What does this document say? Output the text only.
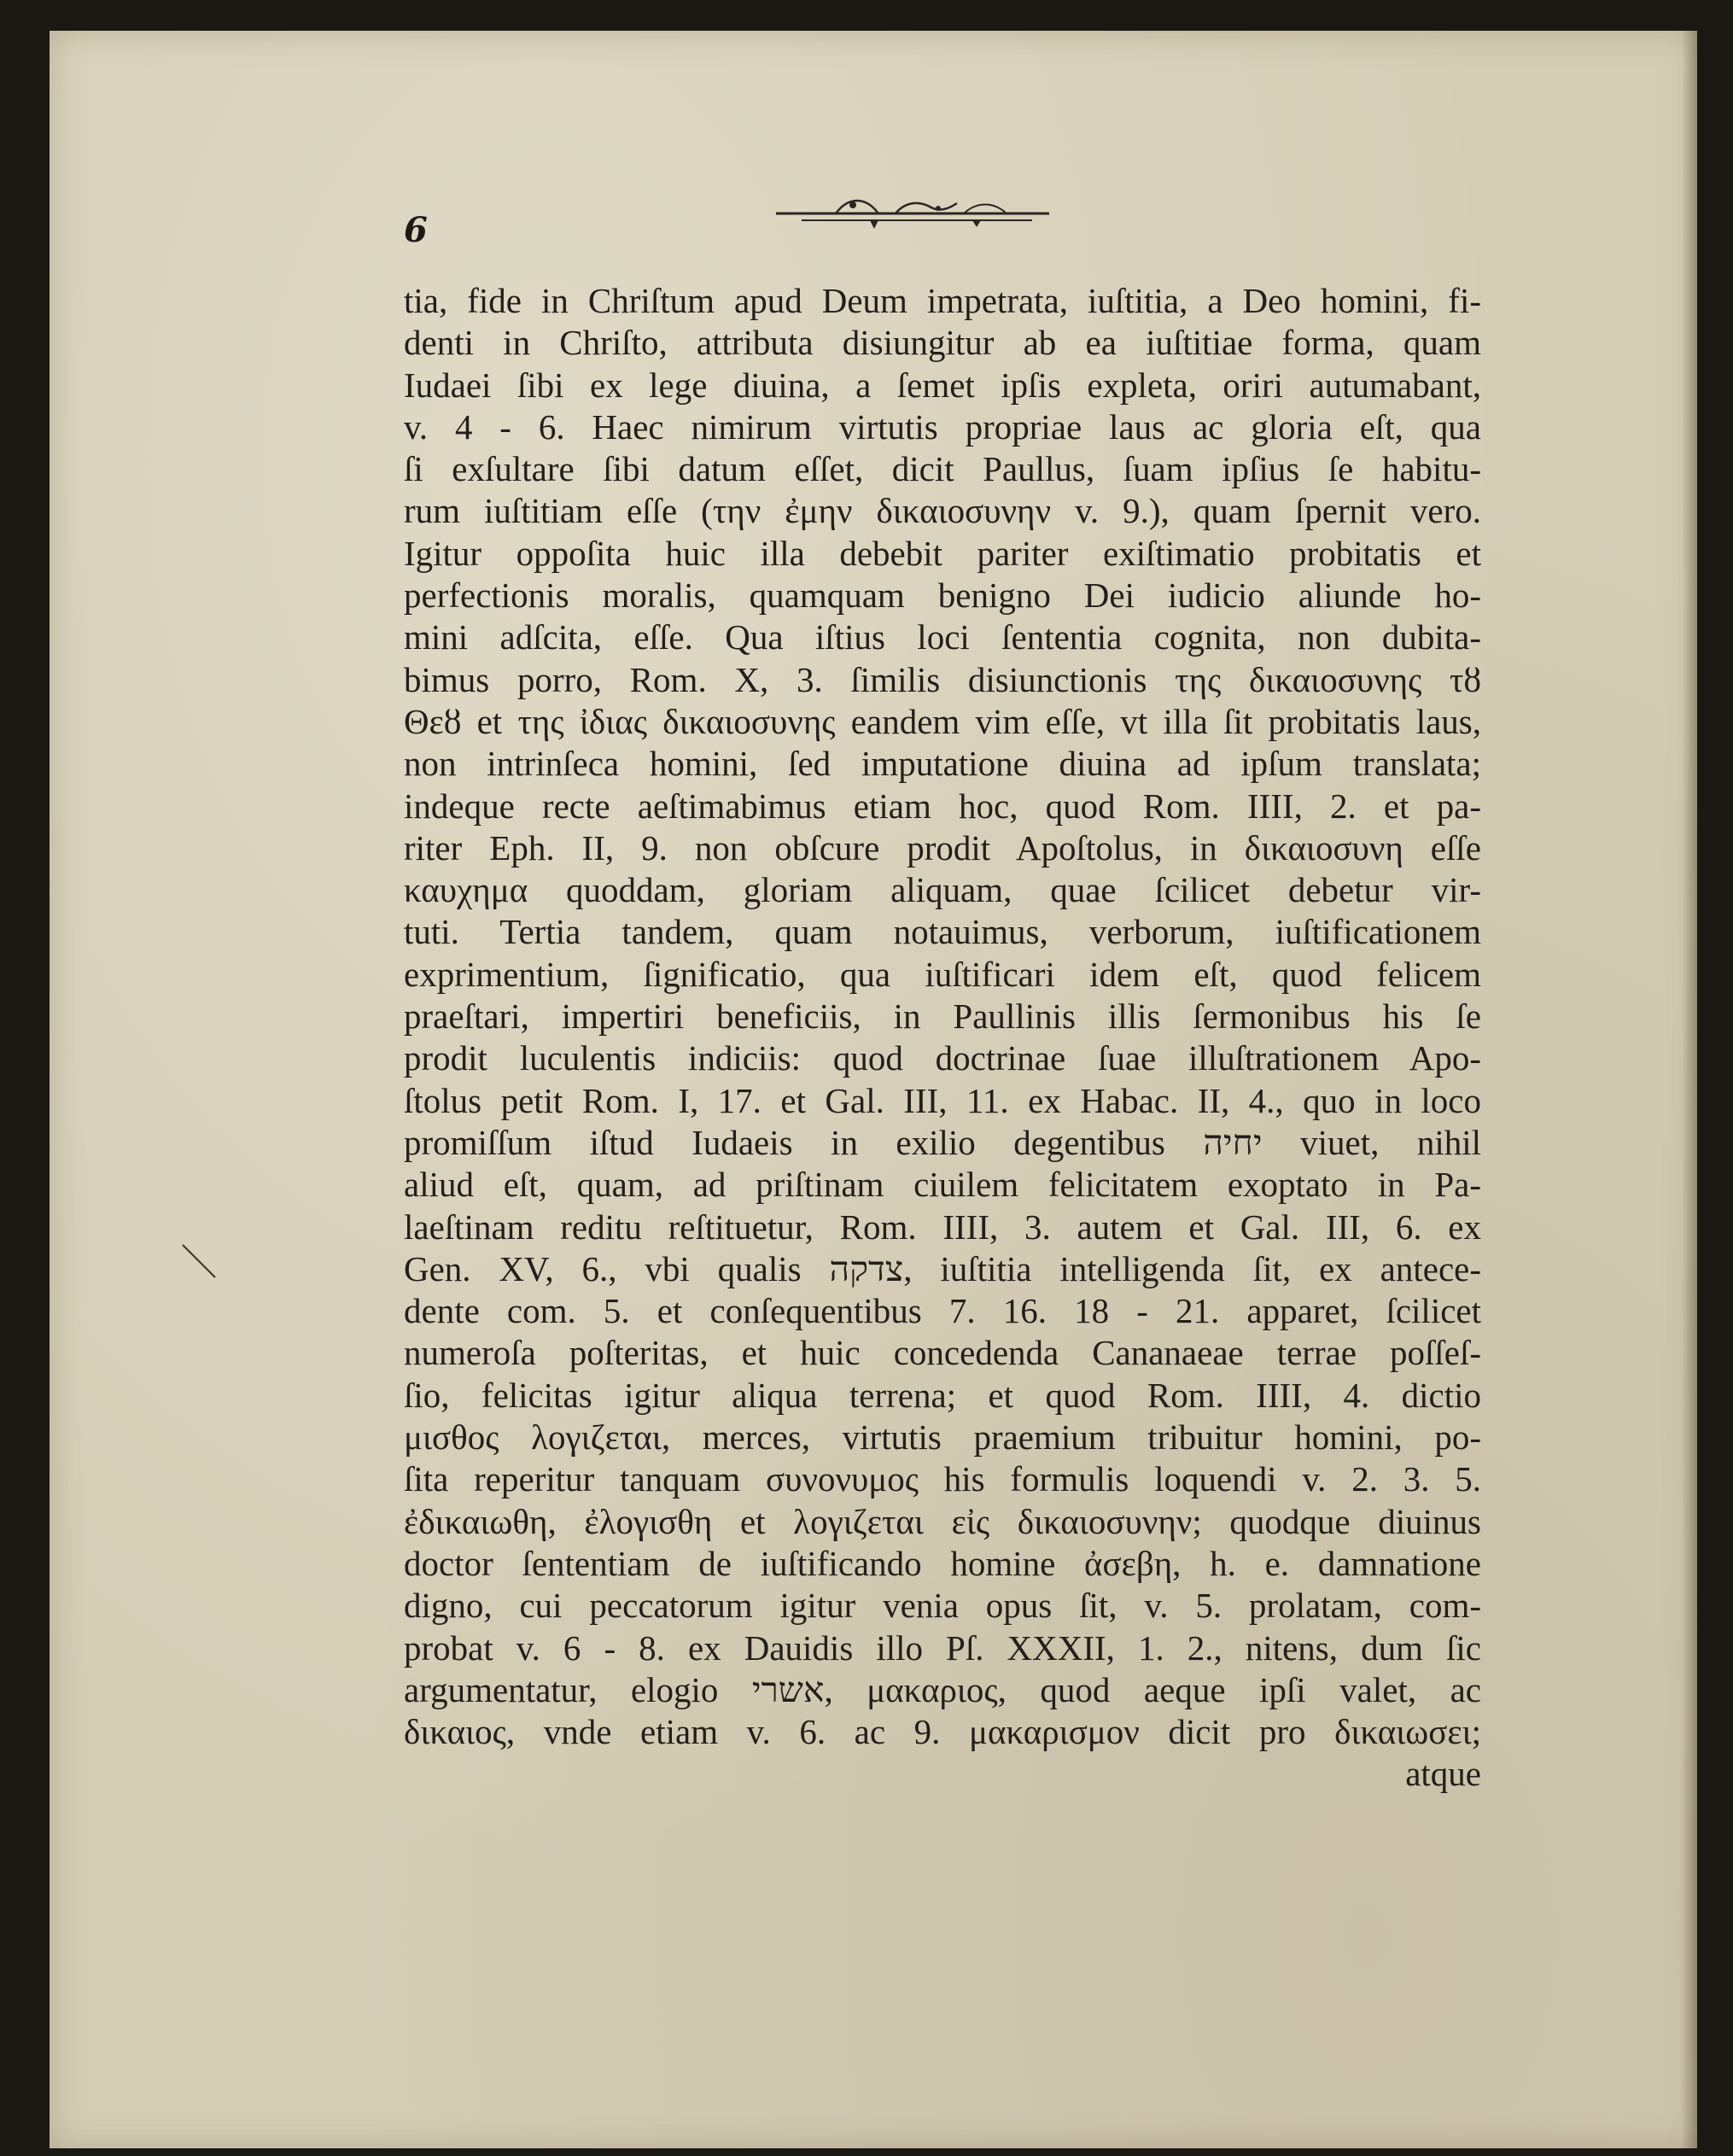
6

tia, fide in Chriſtum apud Deum impetrata, iuſtitia, a Deo homini, fi-
denti in Chriſto, attributa disiungitur ab ea iuſtitiae forma, quam
Iudaei ſibi ex lege diuina, a ſemet ipſis expleta, oriri autumabant,
v. 4 - 6. Haec nimirum virtutis propriae laus ac gloria eſt, qua
ſi exſultare ſibi datum eſſet, dicit Paullus, ſuam ipſius ſe habitu-
rum iuſtitiam eſſe (την ἐμην δικαιοσυνην v. 9.), quam ſpernit vero.
Igitur oppoſita huic illa debebit pariter exiſtimatio probitatis et
perfectionis moralis, quamquam benigno Dei iudicio aliunde ho-
mini adſcita, eſſe. Qua iſtius loci ſententia cognita, non dubita-
bimus porro, Rom. X, 3. ſimilis disiunctionis της δικαιοσυνης τȣ
Θεȣ et της ἰδιας δικαιοσυνης eandem vim eſſe, vt illa ſit probitatis laus,
non intrinſeca homini, ſed imputatione diuina ad ipſum translata;
indeque recte aeſtimabimus etiam hoc, quod Rom. IIII, 2. et pa-
riter Eph. II, 9. non obſcure prodit Apoſtolus, in δικαιοσυνη eſſe
καυχημα quoddam, gloriam aliquam, quae ſcilicet debetur vir-
tuti. Tertia tandem, quam notauimus, verborum, iuſtificationem
exprimentium, ſignificatio, qua iuſtificari idem eſt, quod felicem
praeſtari, impertiri beneficiis, in Paullinis illis ſermonibus his ſe
prodit luculentis indiciis: quod doctrinae ſuae illuſtrationem Apo-
ſtolus petit Rom. I, 17. et Gal. III, 11. ex Habac. II, 4., quo in loco
promiſſum iſtud Iudaeis in exilio degentibus יחיה viuet, nihil
aliud eſt, quam, ad priſtinam ciuilem felicitatem exoptato in Pa-
laeſtinam reditu reſtituetur, Rom. IIII, 3. autem et Gal. III, 6. ex
Gen. XV, 6., vbi qualis צדקה, iuſtitia intelligenda ſit, ex antece-
dente com. 5. et conſequentibus 7. 16. 18 - 21. apparet, ſcilicet
numeroſa poſteritas, et huic concedenda Cananaeae terrae poſſeſ-
ſio, felicitas igitur aliqua terrena; et quod Rom. IIII, 4. dictio
μισθος λογιζεται, merces, virtutis praemium tribuitur homini, po-
ſita reperitur tanquam συνονυμος his formulis loquendi v. 2. 3. 5.
ἐδικαιωθη, ἐλογισθη et λογιζεται εἰς δικαιοσυνην; quodque diuinus
doctor ſententiam de iuſtificando homine ἀσεβη, h. e. damnatione
digno, cui peccatorum igitur venia opus ſit, v. 5. prolatam, com-
probat v. 6 - 8. ex Dauidis illo Pſ. XXXII, 1. 2., nitens, dum ſic
argumentatur, elogio אשרי, μακαριος, quod aeque ipſi valet, ac
δικαιος, vnde etiam v. 6. ac 9. μακαρισμον dicit pro δικαιωσει;
atque
